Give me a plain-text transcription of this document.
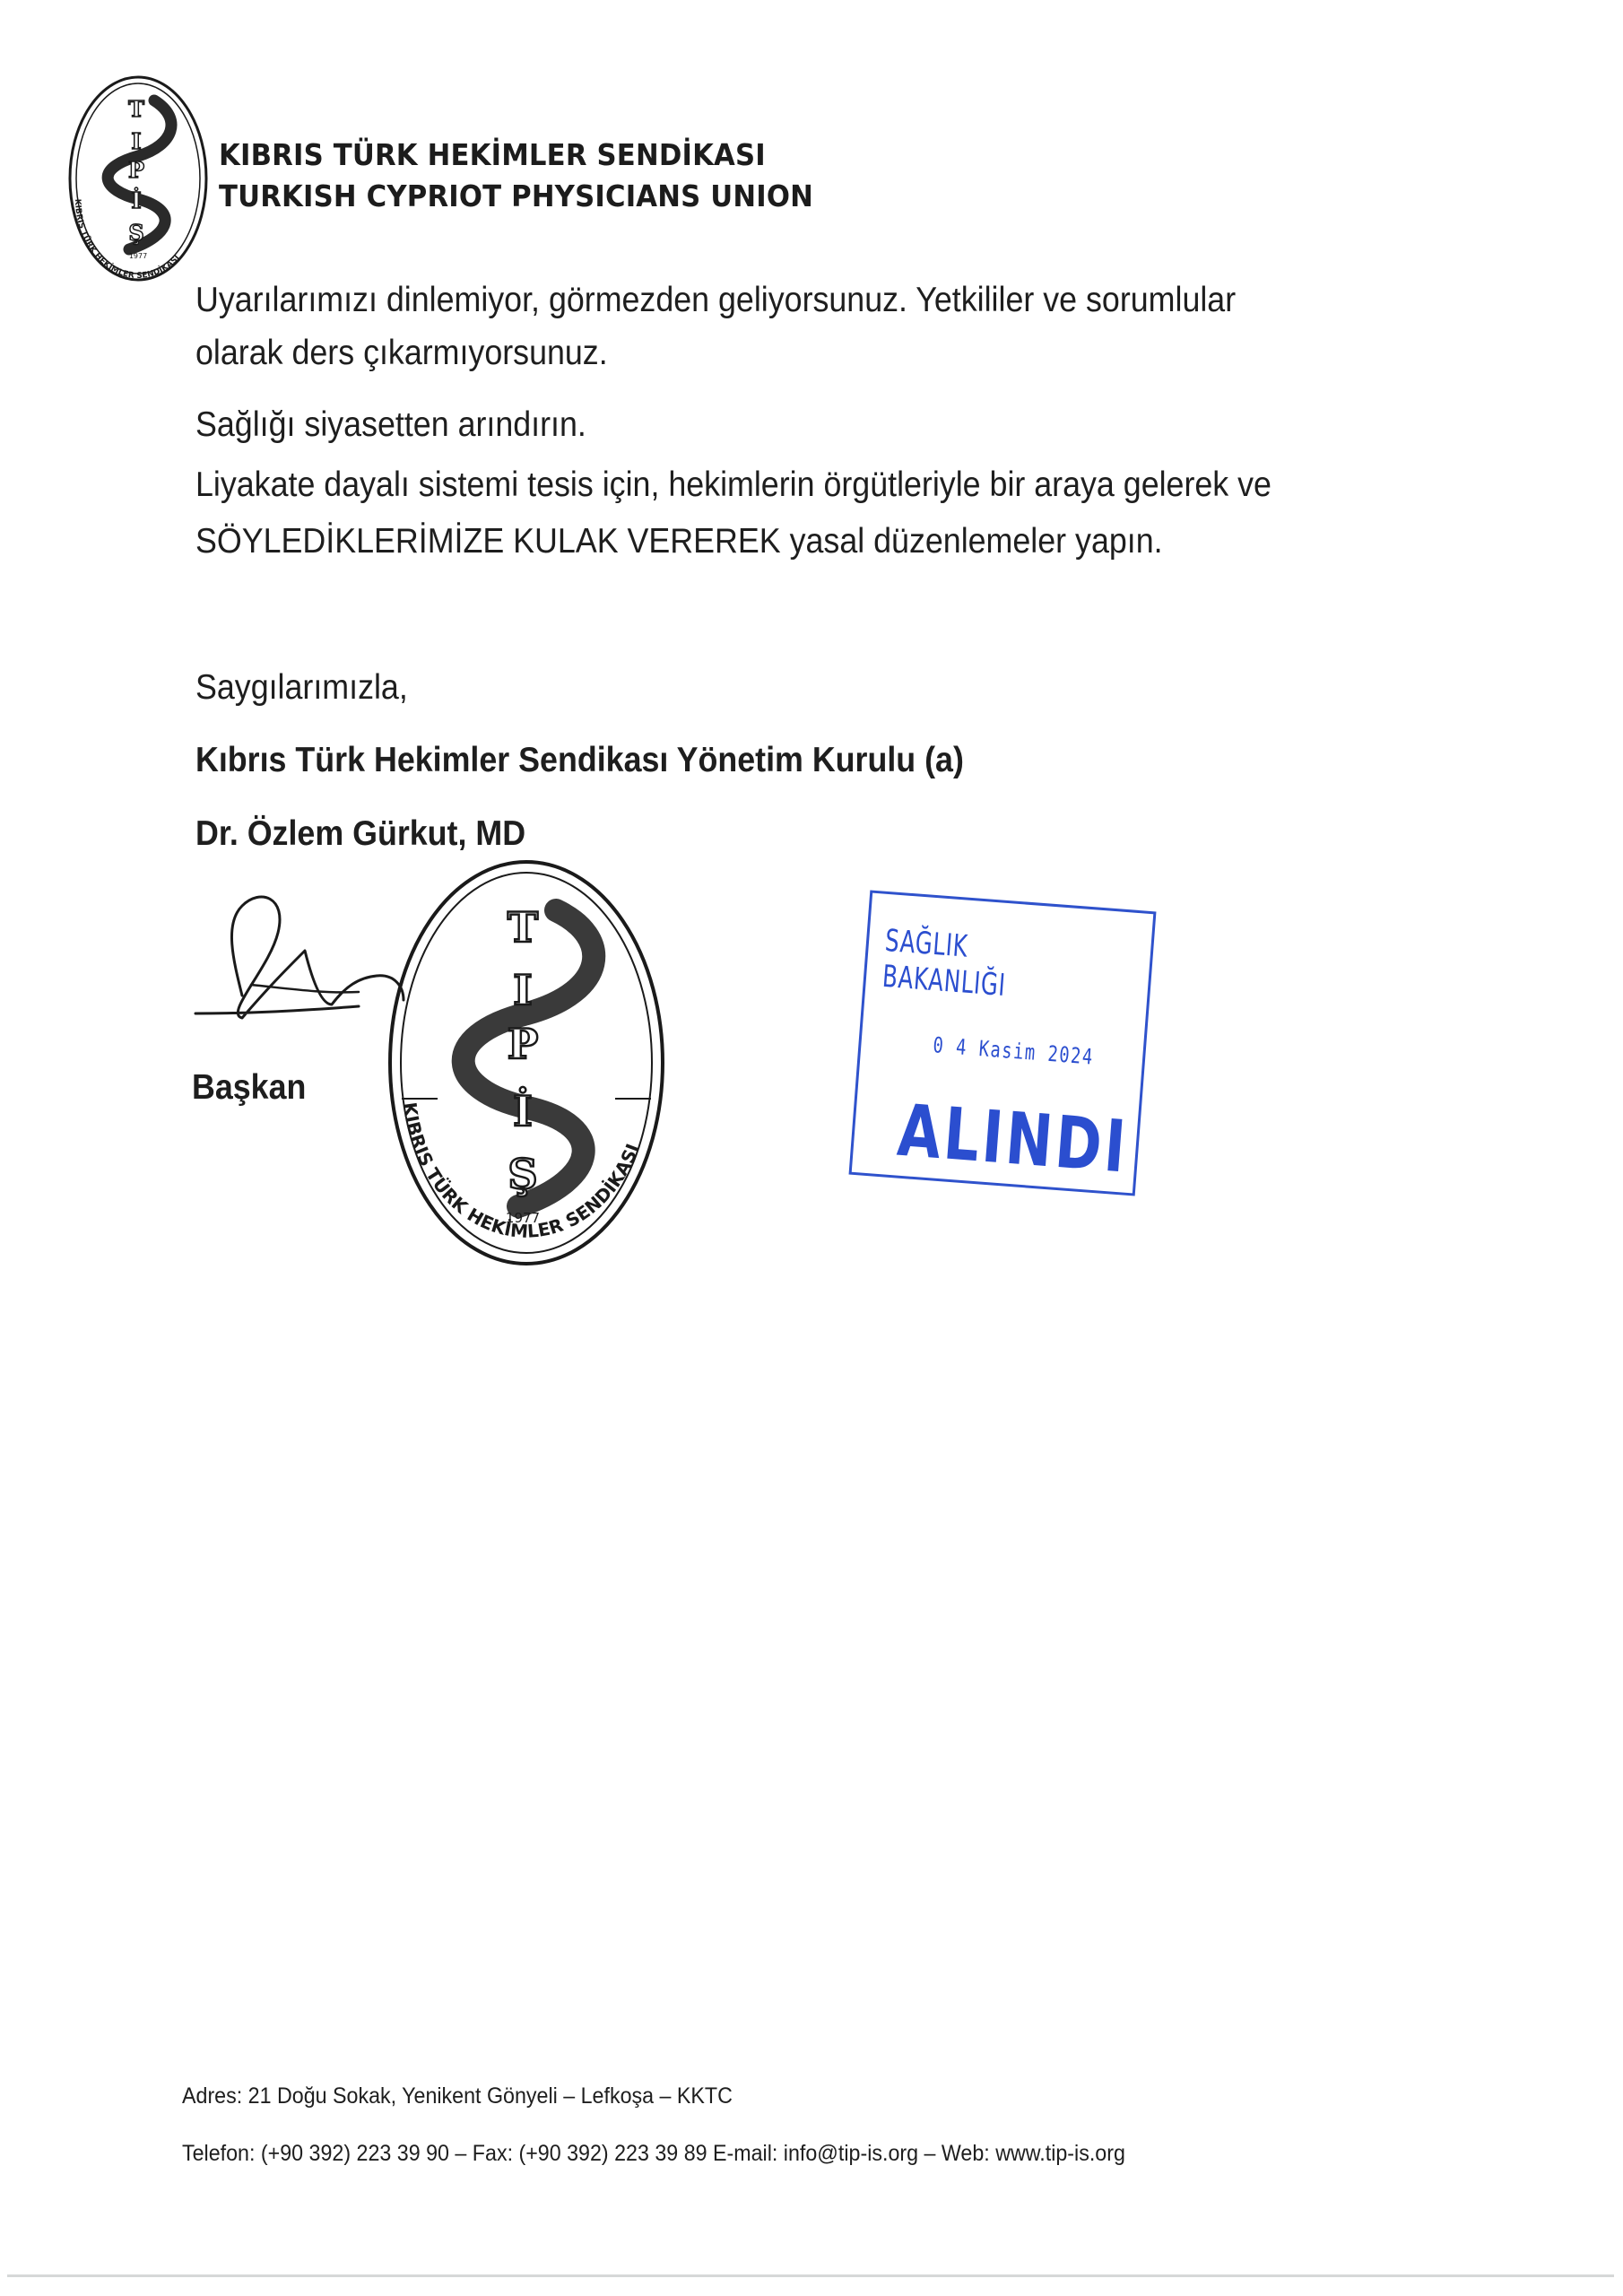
T
I
P
İ
Ş
1977
KIBRIS TÜRK HEKİMLER SENDİKASI
KIBRIS TÜRK HEKİMLER SENDİKASI
TURKISH CYPRIOT PHYSICIANS UNION
Uyarılarımızı dinlemiyor, görmezden geliyorsunuz. Yetkililer ve sorumlular
olarak ders çıkarmıyorsunuz.
Sağlığı siyasetten arındırın.
Liyakate dayalı sistemi tesis için, hekimlerin örgütleriyle bir araya gelerek ve
SÖYLEDİKLERİMİZE KULAK VEREREK yasal düzenlemeler yapın.
Saygılarımızla,
Kıbrıs Türk Hekimler Sendikası Yönetim Kurulu (a)
Dr. Özlem Gürkut, MD
Başkan
T
I
P
İ
Ş
1977
KIBRIS TÜRK HEKİMLER SENDİKASI
SAĞLIK BAKANLIĞI
0 4 Kasim 2024
ALINDI
Adres: 21 Doğu Sokak, Yenikent Gönyeli – Lefkoşa – KKTC
Telefon: (+90 392) 223 39 90 – Fax: (+90 392) 223 39 89 E-mail: info@tip-is.org – Web: www.tip-is.org
